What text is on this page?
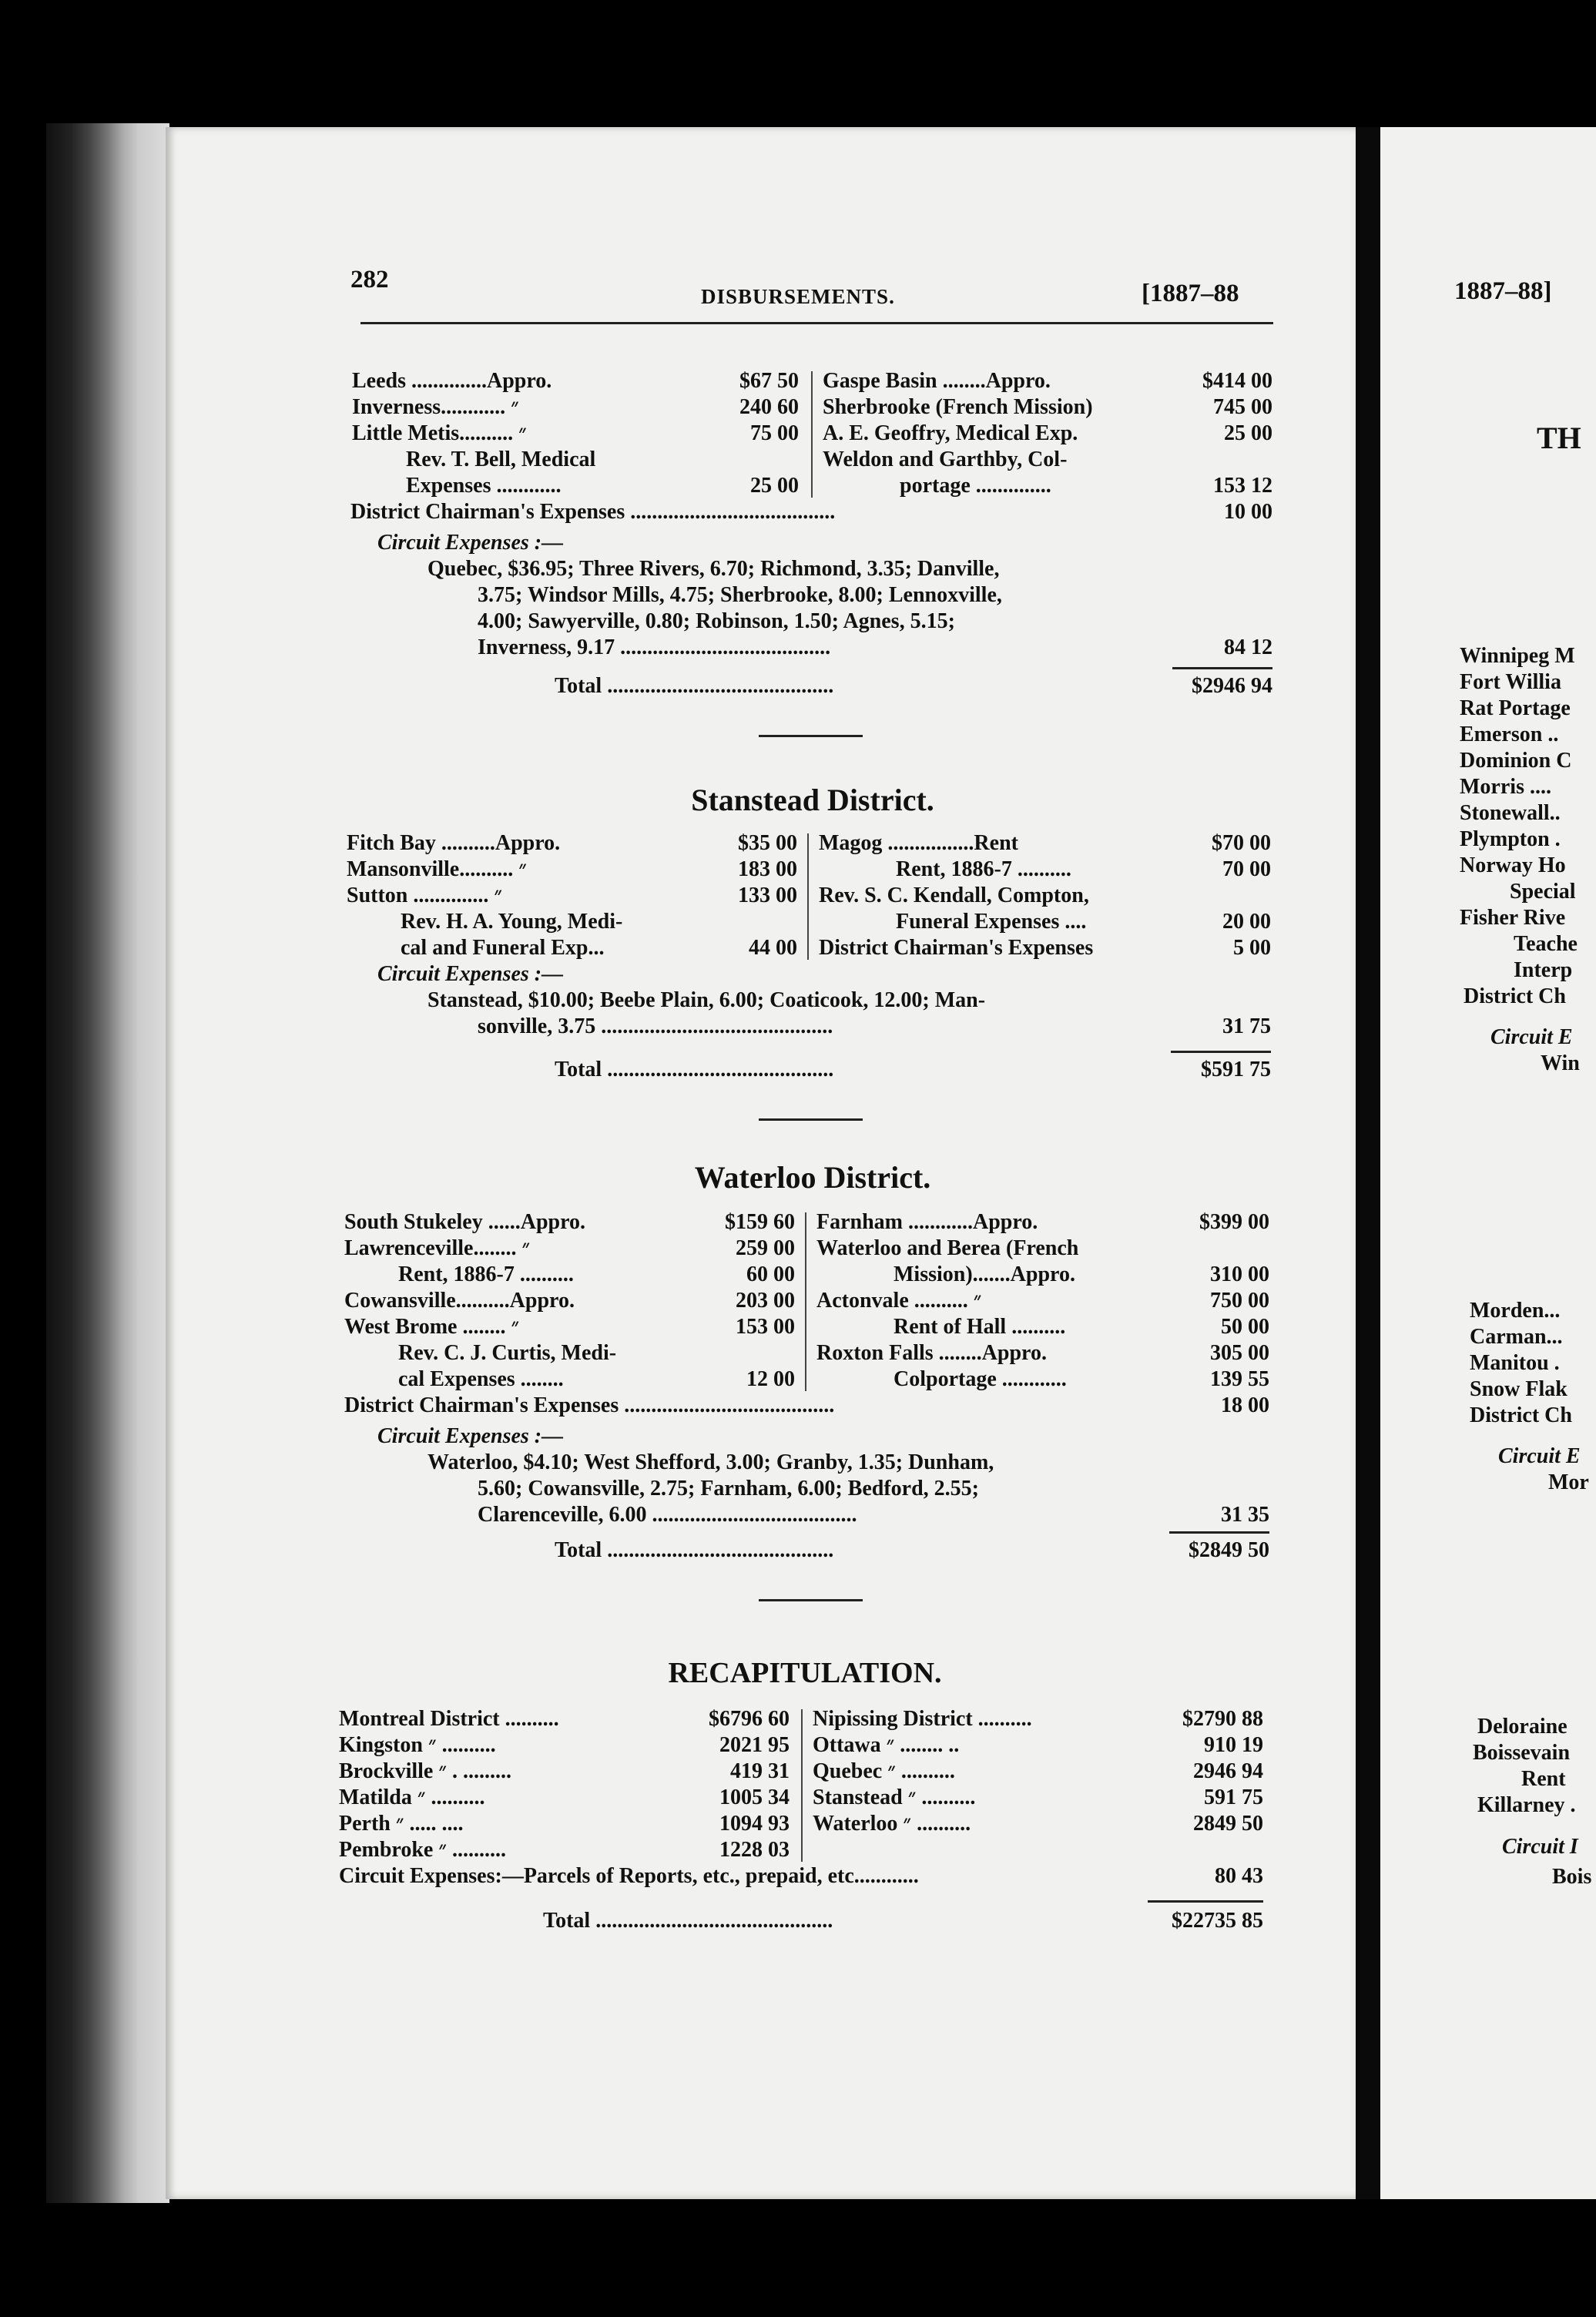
282
DISBURSEMENTS.	[1887–88	1887–88]
TH
Winnipeg M
Fort Willia
Rat Portage
Emerson ..
Dominion C
Morris ....
Stonewall..
Plympton .
Norway Ho
Special
Fisher Rive
Teache
Interp
District Ch
Circuit E
Win
Morden...
Carman...
Manitou .
Snow Flak
District Ch
Circuit E
Mor
Deloraine
Boissevain
Rent
Killarney .
Circuit I
Bois
Leeds ..............Appro.	$67 50
Inverness............ ״	240 60
Little Metis.......... ״	75 00
Rev. T. Bell, Medical
Expenses ............	25 00
Gaspe Basin ........Appro.	$414 00
Sherbrooke (French Mission)	745 00
A. E. Geoffry, Medical Exp.	25 00
Weldon and Garthby, Col-
portage ..............	153 12
District Chairman's Expenses ......................................	10 00
Circuit Expenses :—
Quebec, $36.95; Three Rivers, 6.70; Richmond, 3.35; Danville,
3.75; Windsor Mills, 4.75; Sherbrooke, 8.00; Lennoxville,
4.00; Sawyerville, 0.80; Robinson, 1.50; Agnes, 5.15;
Inverness, 9.17 .......................................	84 12
Total ..........................................	$2946 94
Stanstead District.
Fitch Bay ..........Appro.	$35 00
Mansonville.......... ״	183 00
Sutton .............. ״	133 00
Rev. H. A. Young, Medi-
cal and Funeral Exp...	44 00
Magog ................Rent	$70 00
Rent, 1886-7 ..........	70 00
Rev. S. C. Kendall, Compton,
Funeral Expenses ....	20 00
District Chairman's Expenses	5 00
Circuit Expenses :—
Stanstead, $10.00; Beebe Plain, 6.00; Coaticook, 12.00; Man-
sonville, 3.75 ...........................................	31 75
Total ..........................................	$591 75
Waterloo District.
South Stukeley ......Appro.	$159 60
Lawrenceville........ ״	259 00
Rent, 1886-7 ..........	60 00
Cowansville..........Appro.	203 00
West Brome ........ ״	153 00
Rev. C. J. Curtis, Medi-
cal Expenses ........	12 00
Farnham ............Appro.	$399 00
Waterloo and Berea (French
Mission).......Appro.	310 00
Actonvale .......... ״	750 00
Rent of Hall ..........	50 00
Roxton Falls ........Appro.	305 00
Colportage ............	139 55
District Chairman's Expenses .......................................	18 00
Circuit Expenses :—
Waterloo, $4.10; West Shefford, 3.00; Granby, 1.35; Dunham,
5.60; Cowansville, 2.75; Farnham, 6.00; Bedford, 2.55;
Clarenceville, 6.00 ......................................	31 35
Total ..........................................	$2849 50
RECAPITULATION.
Montreal District ..........	$6796 60
Kingston ״ ..........	2021 95
Brockville ״ . .........	419 31
Matilda ״ ..........	1005 34
Perth ״ ..... ....	1094 93
Pembroke ״ ..........	1228 03
Nipissing District ..........	$2790 88
Ottawa ״ ........ ..	910 19
Quebec ״ ..........	2946 94
Stanstead ״ ..........	591 75
Waterloo ״ ..........	2849 50
Circuit Expenses:—Parcels of Reports, etc., prepaid, etc............	80 43
Total ............................................	$22735 85
